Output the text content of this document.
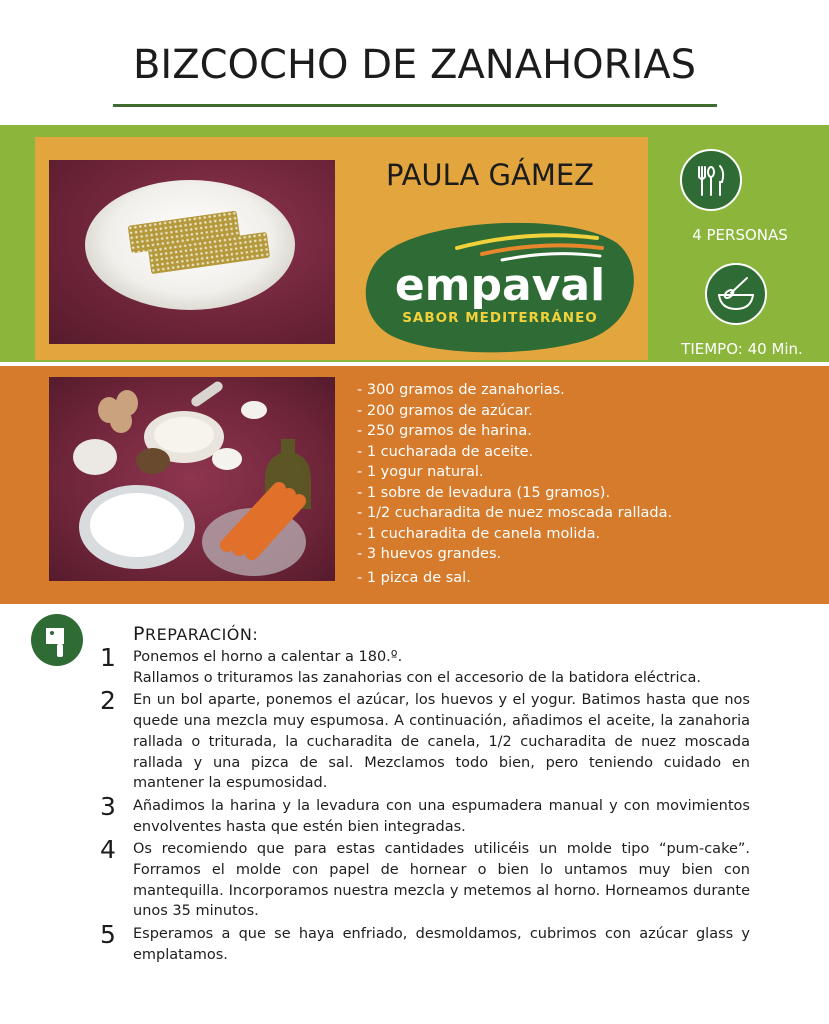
BIZCOCHO DE ZANAHORIAS
PAULA GÁMEZ
empaval
SABOR MEDITERRÁNEO
4 PERSONAS
TIEMPO: 40 Min.
- 300 gramos de zanahorias.
- 200 gramos de azúcar.
- 250 gramos de harina.
- 1 cucharada de aceite.
- 1 yogur natural.
- 1 sobre de levadura (15 gramos).
- 1/2 cucharadita de nuez moscada rallada.
- 1 cucharadita de canela molida.
- 3 huevos grandes.
- 1 pizca de sal.
PREPARACIÓN:
1 Ponemos el horno a calentar a 180.º.

Rallamos o trituramos las zanahorias con el accesorio de la batidora eléctrica.

2 En un bol aparte, ponemos el azúcar, los huevos y el yogur. Batimos hasta que nos quede una mezcla muy espumosa. A continuación, añadimos el aceite, la zanahoria rallada o triturada, la cucharadita de canela, 1/2 cucharadita de nuez moscada rallada y una pizca de sal. Mezclamos todo bien, pero teniendo cuidado en mantener la espumosidad.

3 Añadimos la harina y la levadura con una espumadera manual y con movimientos envolventes hasta que estén bien integradas.

4 Os recomiendo que para estas cantidades utilicéis un molde tipo “pum-cake”. Forramos el molde con papel de hornear o bien lo untamos muy bien con mantequilla. Incorporamos nuestra mezcla y metemos al horno. Horneamos durante unos 35 minutos.

5 Esperamos a que se haya enfriado, desmoldamos, cubrimos con azúcar glass y emplatamos.
